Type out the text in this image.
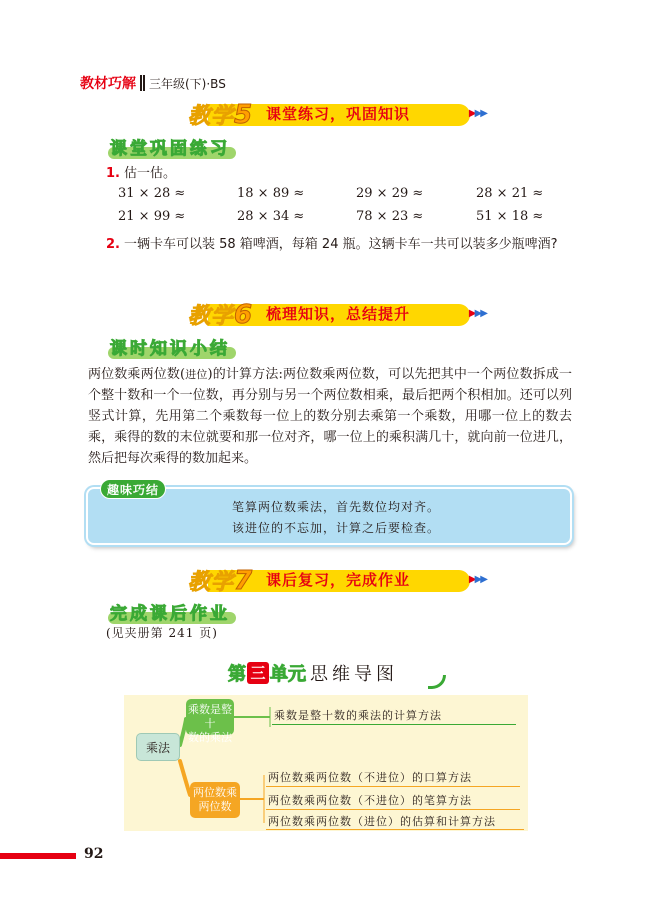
教材巧解 三年级(下)·BS
教学5 课堂练习，巩固知识	▶▶▶
课堂巩固练习
1. 估一估。
31 × 28 ≈	18 × 89 ≈	29 × 29 ≈	28 × 21 ≈
21 × 99 ≈	28 × 34 ≈	78 × 23 ≈	51 × 18 ≈
2. 一辆卡车可以装 58 箱啤酒，每箱 24 瓶。这辆卡车一共可以装多少瓶啤酒?
教学6 梳理知识，总结提升	▶▶▶
课时知识小结

两位数乘两位数(进位)的计算方法:两位数乘两位数，可以先把其中一个两位数拆成一个整十数和一个一位数，再分别与另一个两位数相乘，最后把两个积相加。还可以列竖式计算，先用第二个乘数每一位上的数分别去乘第一个乘数，用哪一位上的数去乘，乘得的数的末位就要和那一位对齐，哪一位上的乘积满几十，就向前一位进几，然后把每次乘得的数加起来。

趣味巧结
笔算两位数乘法，首先数位均对齐。
该进位的不忘加，计算之后要检查。
教学7 课后复习，完成作业	▶▶▶
完成课后作业
(见夹册第 241 页)
第 三 单元 思维导图
乘法
乘数是整十
数的乘法
两位数乘
两位数
乘数是整十数的乘法的计算方法
两位数乘两位数（不进位）的口算方法
两位数乘两位数（不进位）的笔算方法
两位数乘两位数（进位）的估算和计算方法
92
